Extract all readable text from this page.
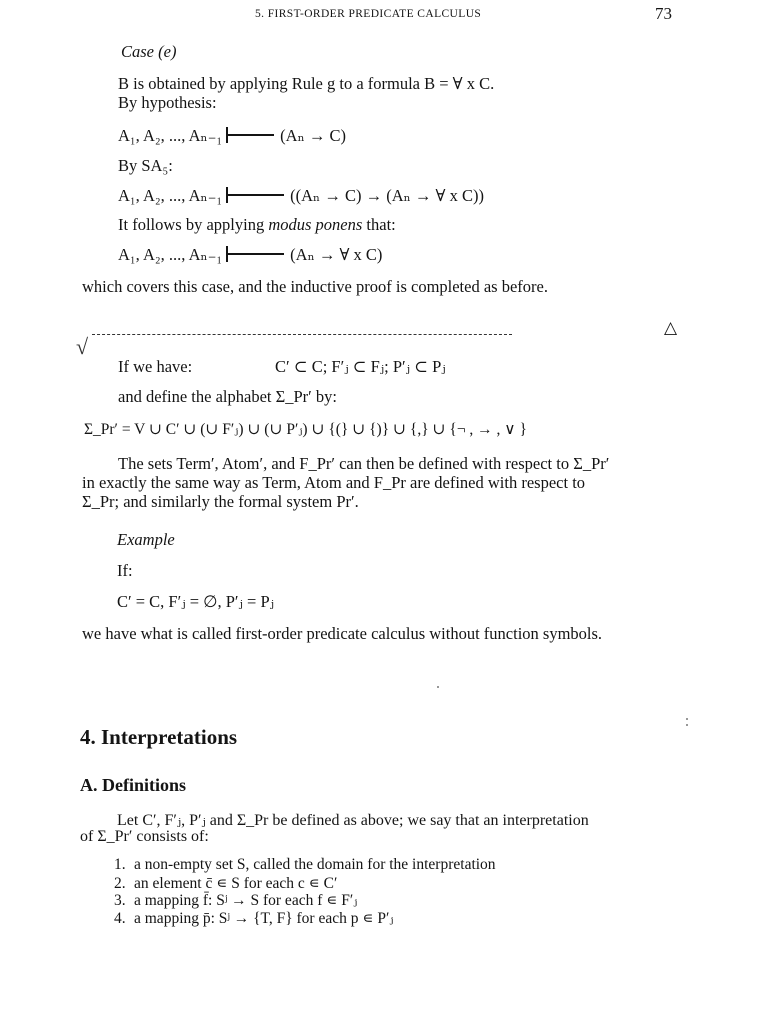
5. FIRST-ORDER PREDICATE CALCULUS	73
Case (e)
B is obtained by applying Rule g to a formula B = ∀ x C.
By hypothesis:
A₁, A₂, ..., Aₙ₋₁	(Aₙ → C)
By SA₅:
A₁, A₂, ..., Aₙ₋₁	((Aₙ → C) → (Aₙ → ∀ x C))
It follows by applying modus ponens that:
A₁, A₂, ..., Aₙ₋₁	(Aₙ → ∀ x C)
which covers this case, and the inductive proof is completed as before.
√
△
If we have:	C′ ⊂ C; F′ⱼ ⊂ Fⱼ; P′ⱼ ⊂ Pⱼ
and define the alphabet Σ_Pr′ by:
Σ_Pr′ = V ∪ C′ ∪ (∪ F′ⱼ) ∪ (∪ P′ⱼ) ∪ {(} ∪ {)} ∪ {,} ∪ {¬ , → , ∨ }
The sets Term′, Atom′, and F_Pr′ can then be defined with respect to Σ_Pr′
in exactly the same way as Term, Atom and F_Pr are defined with respect to
Σ_Pr; and similarly the formal system Pr′.
Example
If:
C′ = C, F′ⱼ = ∅, P′ⱼ = Pⱼ
we have what is called first-order predicate calculus without function symbols.
4. Interpretations
A. Definitions
Let C′, F′ⱼ, P′ⱼ and Σ_Pr be defined as above; we say that an interpretation
of Σ_Pr′ consists of:
1. a non-empty set S, called the domain for the interpretation
2. an element c̄ ∊ S for each c ∊ C′
3. a mapping f̄: Sʲ → S for each f ∊ F′ⱼ
4. a mapping p̄: Sʲ → {T, F} for each p ∊ P′ⱼ
